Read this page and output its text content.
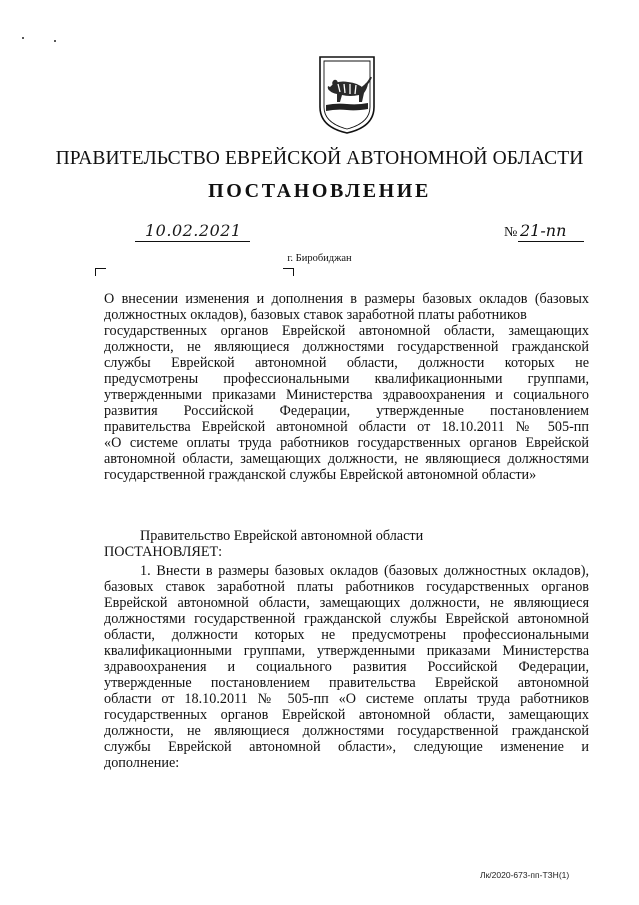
ПРАВИТЕЛЬСТВО ЕВРЕЙСКОЙ АВТОНОМНОЙ ОБЛАСТИ
ПОСТАНОВЛЕНИЕ
10.02.2021	№ 21-пп
г. Биробиджан
О внесении изменения и дополнения в размеры базовых окладов (базовых
должностных окладов), базовых ставок заработной платы работников
государственных органов Еврейской автономной области, замещающих
должности, не являющиеся должностями государственной гражданской
службы Еврейской автономной области, должности которых не
предусмотрены профессиональными квалификационными группами,
утвержденными приказами Министерства здравоохранения и социального
развития Российской Федерации, утвержденные постановлением
правительства Еврейской автономной области от 18.10.2011 № 505-пп
«О системе оплаты труда работников государственных органов Еврейской
автономной области, замещающих должности, не являющиеся должностями
государственной гражданской службы Еврейской автономной области»
Правительство Еврейской автономной области
ПОСТАНОВЛЯЕТ:
1. Внести в размеры базовых окладов (базовых должностных окладов),
базовых ставок заработной платы работников государственных органов
Еврейской автономной области, замещающих должности, не являющиеся
должностями государственной гражданской службы Еврейской автономной
области, должности которых не предусмотрены профессиональными
квалификационными группами, утвержденными приказами Министерства
здравоохранения и социального развития Российской Федерации,
утвержденные постановлением правительства Еврейской автономной
области от 18.10.2011 № 505-пп «О системе оплаты труда работников
государственных органов Еврейской автономной области, замещающих
должности, не являющиеся должностями государственной гражданской
службы Еврейской автономной области», следующие изменение и
дополнение:
Лк/2020-673-пп-ТЗН(1)
